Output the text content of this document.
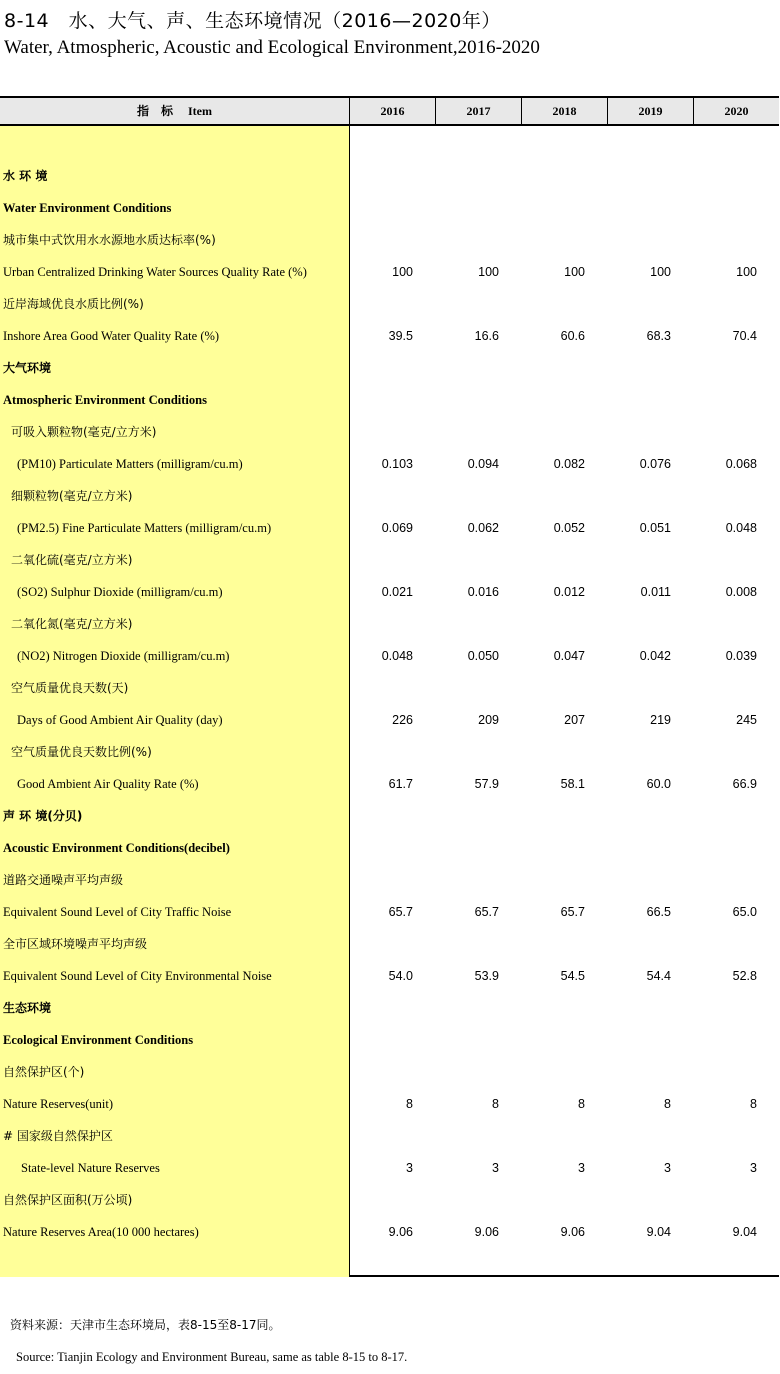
8-14　水、大气、声、生态环境情况（2016—2020年）
Water, Atmospheric, Acoustic and Ecological Environment,2016-2020
指　标　 Item	2016	2017	2018	2019	2020
水 环 境
Water Environment Conditions
城市集中式饮用水水源地水质达标率(%)
Urban Centralized Drinking Water Sources Quality Rate (%)	100	100	100	100	100
近岸海域优良水质比例(%)
Inshore Area Good Water Quality Rate (%)	39.5	16.6	60.6	68.3	70.4
大气环境
Atmospheric Environment Conditions
可吸入颗粒物(毫克/立方米)
(PM10) Particulate Matters (milligram/cu.m)	0.103	0.094	0.082	0.076	0.068
细颗粒物(毫克/立方米)
(PM2.5) Fine Particulate Matters (milligram/cu.m)	0.069	0.062	0.052	0.051	0.048
二氧化硫(毫克/立方米)
(SO2) Sulphur Dioxide (milligram/cu.m)	0.021	0.016	0.012	0.011	0.008
二氧化氮(毫克/立方米)
(NO2) Nitrogen Dioxide (milligram/cu.m)	0.048	0.050	0.047	0.042	0.039
空气质量优良天数(天)
Days of Good Ambient Air Quality (day)	226	209	207	219	245
空气质量优良天数比例(%)
Good Ambient Air Quality Rate (%)	61.7	57.9	58.1	60.0	66.9
声 环 境(分贝)
Acoustic Environment Conditions(decibel)
道路交通噪声平均声级
Equivalent Sound Level of City Traffic Noise	65.7	65.7	65.7	66.5	65.0
全市区域环境噪声平均声级
Equivalent Sound Level of City Environmental Noise	54.0	53.9	54.5	54.4	52.8
生态环境
Ecological Environment Conditions
自然保护区(个)
Nature Reserves(unit)	8	8	8	8	8
# 国家级自然保护区
State-level Nature Reserves	3	3	3	3	3
自然保护区面积(万公顷)
Nature Reserves Area(10 000 hectares)	9.06	9.06	9.06	9.04	9.04
资料来源：天津市生态环境局，表8-15至8-17同。
Source: Tianjin Ecology and Environment Bureau, same as table 8-15 to 8-17.
